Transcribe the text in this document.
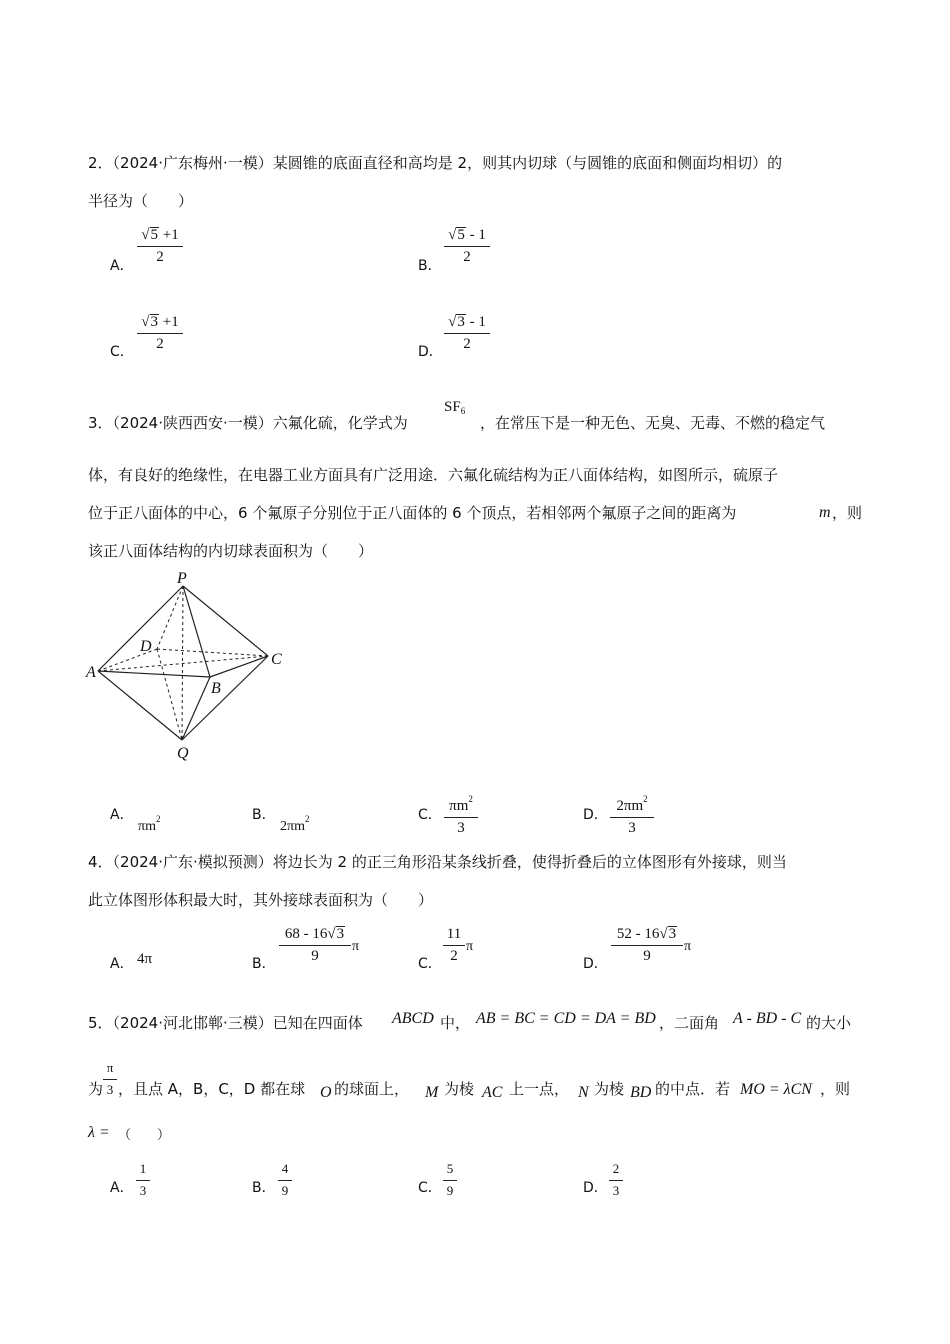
2．（2024·广东梅州·一模）某圆锥的底面直径和高均是 2，则其内切球（与圆锥的底面和侧面均相切）的
半径为（　　）
A． $\frac{√5 +1}{2}$	B． $\frac{√5 - 1}{2}$
C． $\frac{√3 +1}{2}$	D． $\frac{√3 - 1}{2}$
3．（2024·陕西西安·一模）六氟化硫，化学式为
$SF_6$
，在常压下是一种无色、无臭、无毒、不燃的稳定气
体，有良好的绝缘性，在电器工业方面具有广泛用途．六氟化硫结构为正八面体结构，如图所示，硫原子
位于正八面体的中心，6 个氟原子分别位于正八面体的 6 个顶点，若相邻两个氟原子之间的距离为	m ，则
该正八面体结构的内切球表面积为（　　）
P
D
C
A
B
Q
A．
$\pi m^2$	B．
$2\pi m^2$	C． $\frac{\pi m^2}{3}$	D． $\frac{2\pi m^2}{3}$
4．（2024·广东·模拟预测）将边长为 2 的正三角形沿某条线折叠，使得折叠后的立体图形有外接球，则当
此立体图形体积最大时，其外接球表面积为（　　）
A． 4π	B． $\frac{68 - 16√3}{9}$ π
C． $\frac{11}{2}$ π
D． $\frac{52 - 16√3}{9}$ π
5．（2024·河北邯郸·三模）已知在四面体 ABCD 中， AB = BC = CD = DA = BD ，二面角 A - BD - C 的大小
为 $\frac{\pi}{3}$ ，且点 A，B，C，D 都在球 O 的球面上， M 为棱 AC 上一点， N 为棱 BD 的中点．若 MO = λCN ，则
λ = （　　）
A． $\frac{1}{3}$	B． $\frac{4}{9}$	C． $\frac{5}{9}$	D． $\frac{2}{3}$
